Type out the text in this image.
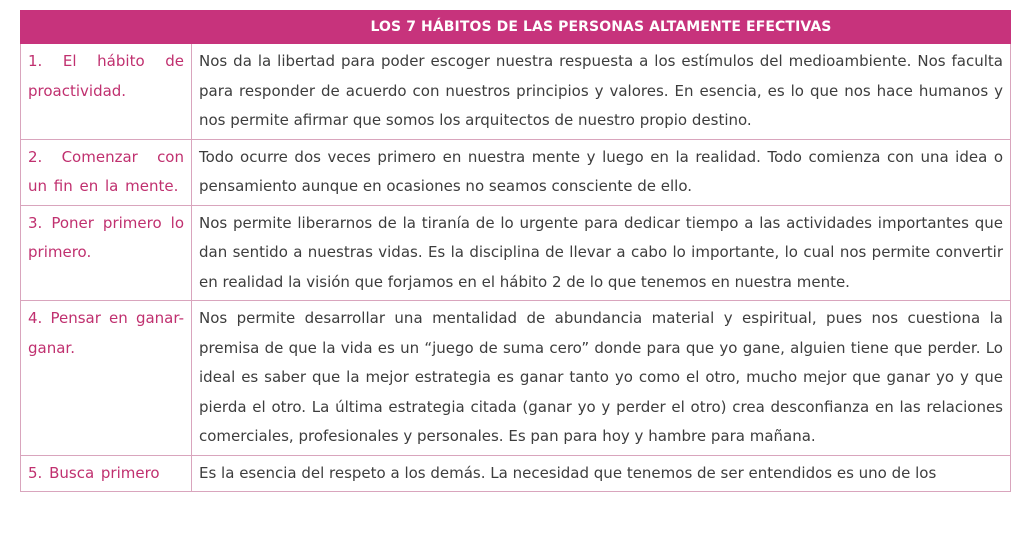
	LOS 7 HÁBITOS DE LAS PERSONAS ALTAMENTE EFECTIVAS
1. El hábito de proactividad.	Nos da la libertad para poder escoger nuestra respuesta a los estímulos del medioambiente. Nos faculta para responder de acuerdo con nuestros principios y valores. En esencia, es lo que nos hace humanos y nos permite afirmar que somos los arquitectos de nuestro propio destino.
2. Comenzar con un fin en la mente.	Todo ocurre dos veces primero en nuestra mente y luego en la realidad. Todo comienza con una idea o pensamiento aunque en ocasiones no seamos consciente de ello.
3. Poner primero lo primero.	Nos permite liberarnos de la tiranía de lo urgente para dedicar tiempo a las actividades importantes que dan sentido a nuestras vidas. Es la disciplina de llevar a cabo lo importante, lo cual nos permite convertir en realidad la visión que forjamos en el hábito 2 de lo que tenemos en nuestra mente.
4. Pensar en ganar-ganar.	Nos permite desarrollar una mentalidad de abundancia material y espiritual, pues nos cuestiona la premisa de que la vida es un “juego de suma cero” donde para que yo gane, alguien tiene que perder. Lo ideal es saber que la mejor estrategia es ganar tanto yo como el otro, mucho mejor que ganar yo y que pierda el otro. La última estrategia citada (ganar yo y perder el otro) crea desconfianza en las relaciones comerciales, profesionales y personales. Es pan para hoy y hambre para mañana.
5. Busca primero	Es la esencia del respeto a los demás. La necesidad que tenemos de ser entendidos es uno de los
